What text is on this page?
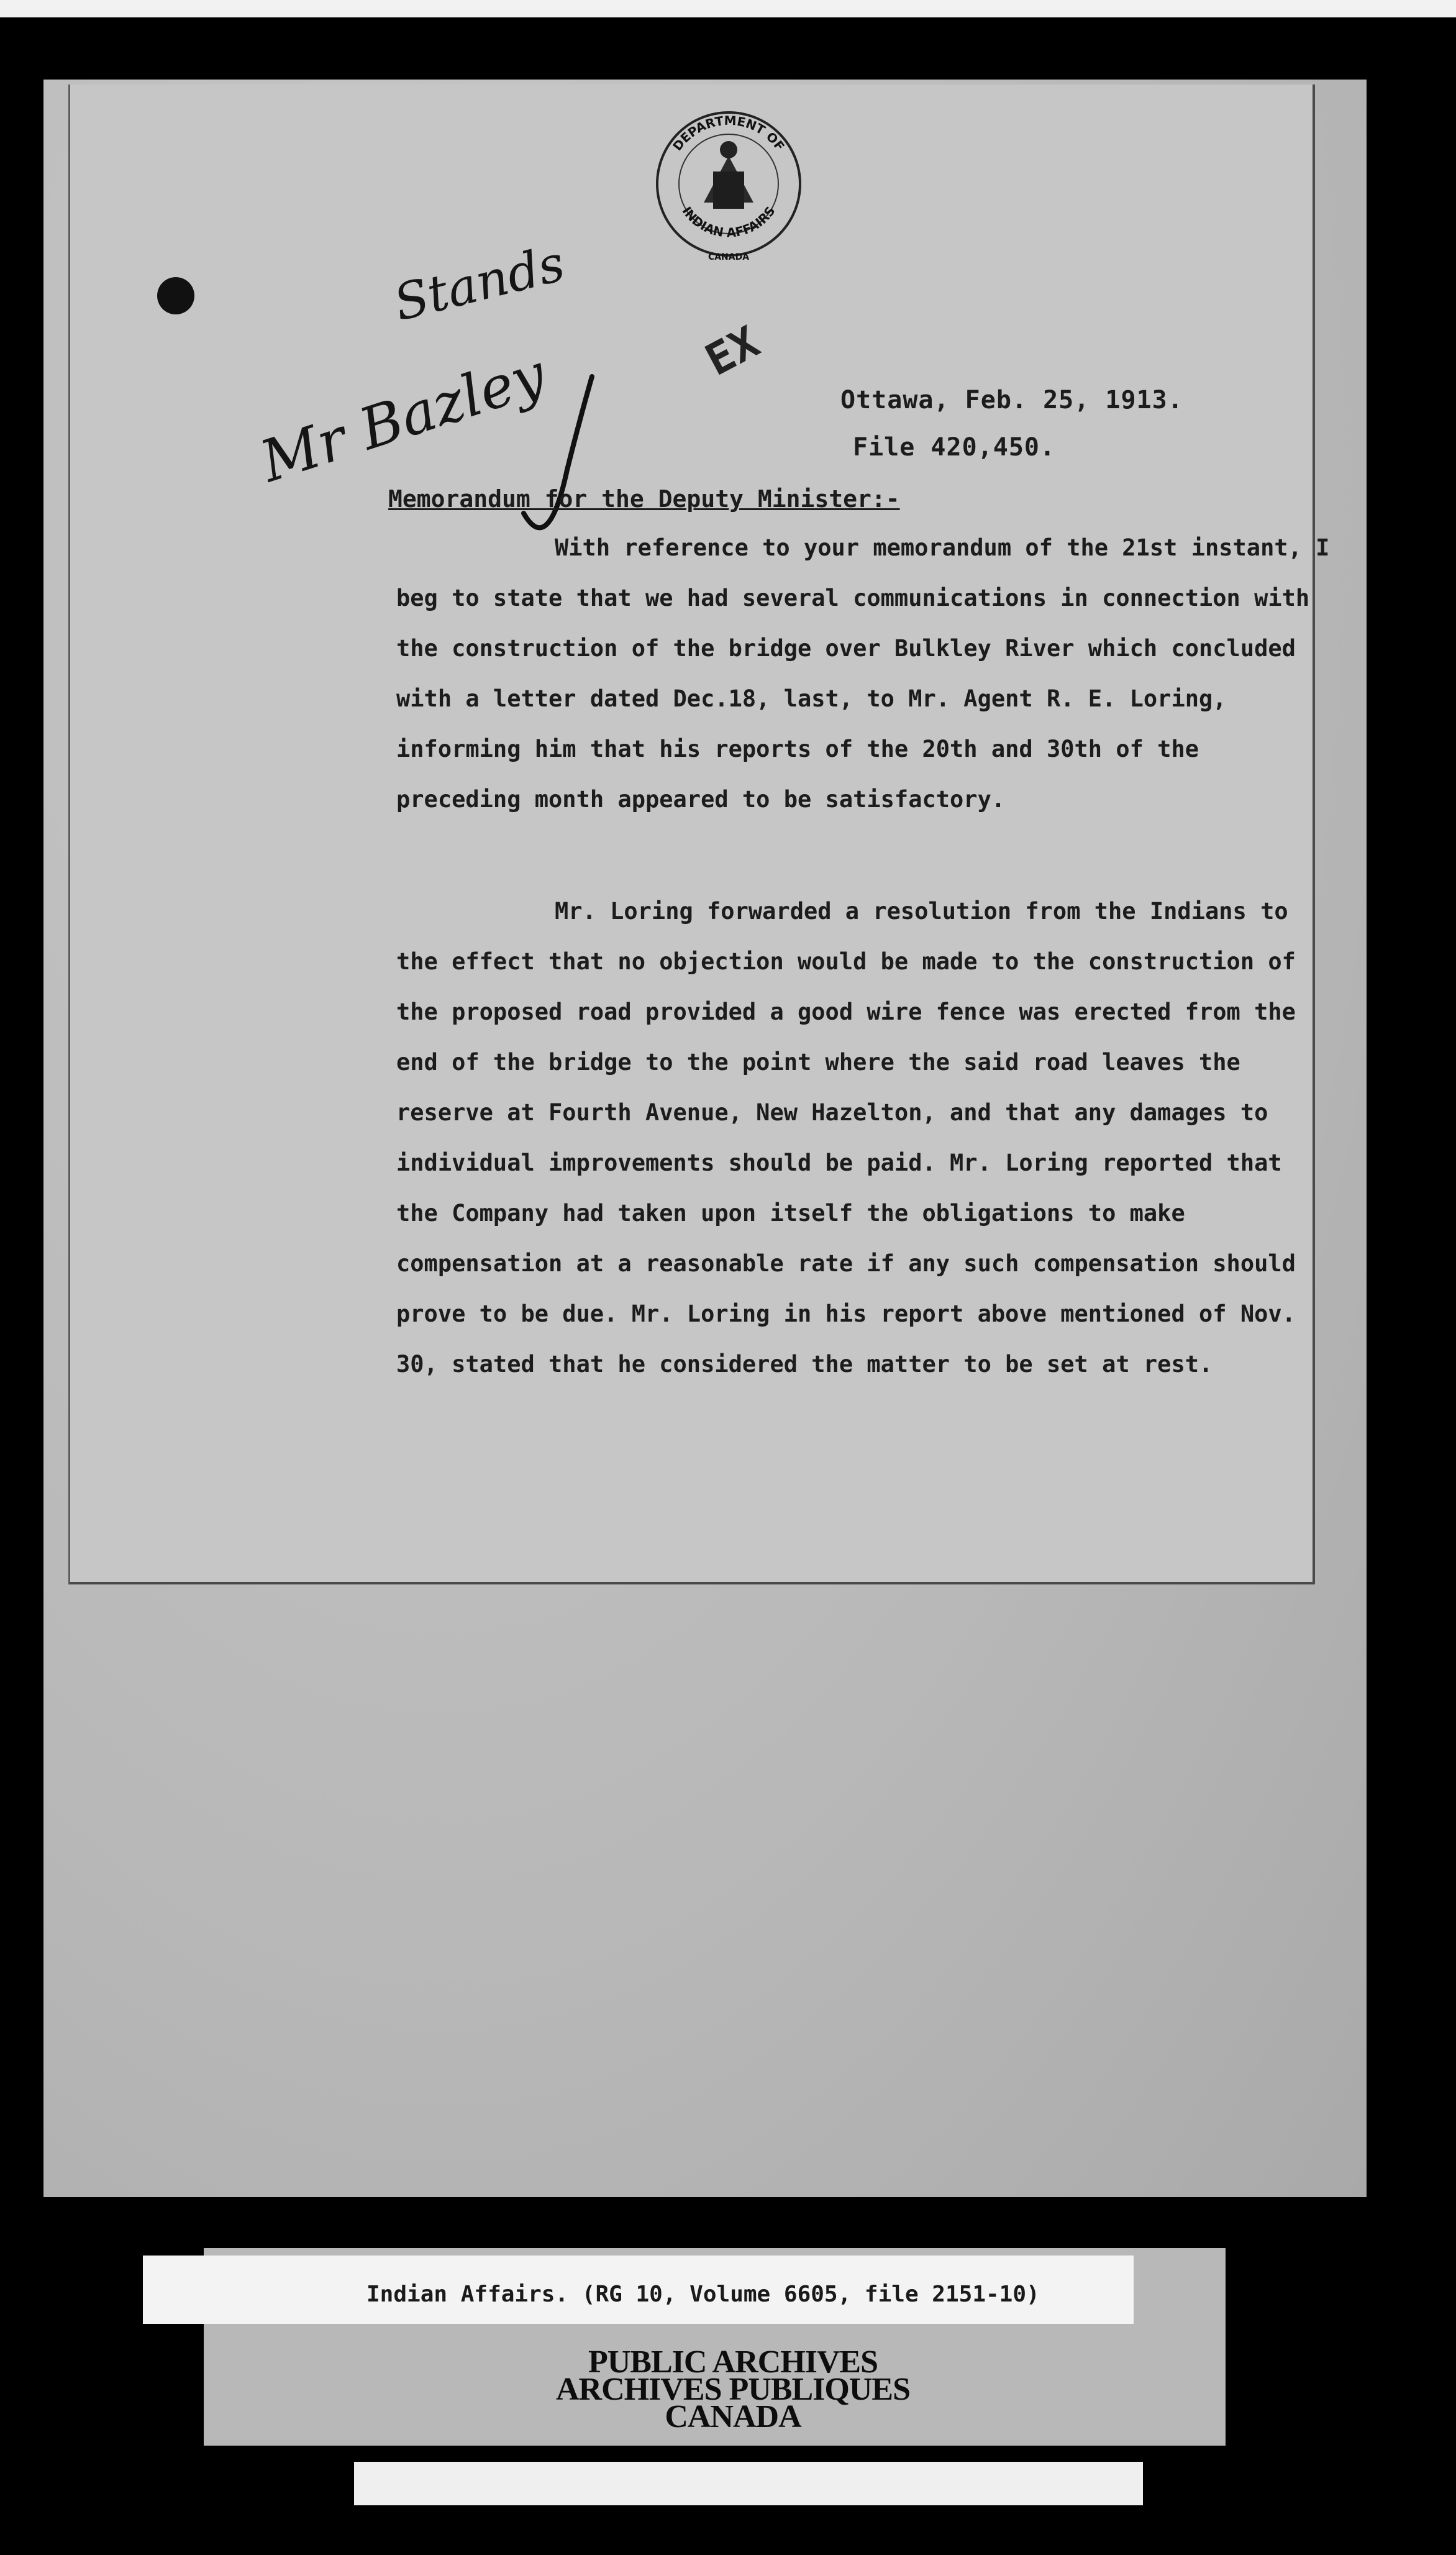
DEPARTMENT OF
INDIAN AFFAIRS
CANADA
Stands
Mr Bazley	EX
Ottawa, Feb. 25, 1913.
File 420,450.
Memorandum for the Deputy Minister:-

With reference to your memorandum of the 21st instant, I beg to state that we had several communications in connection with the construction of the bridge over Bulkley River which concluded with a letter dated Dec.18, last, to Mr. Agent R. E. Loring, informing him that his reports of the 20th and 30th of the preceding month appeared to be satisfactory.

Mr. Loring forwarded a resolution from the Indians to the effect that no objection would be made to the construction of the proposed road provided a good wire fence was erected from the end of the bridge to the point where the said road leaves the reserve at Fourth Avenue, New Hazelton, and that any damages to individual improvements should be paid. Mr. Loring reported that the Company had taken upon itself the obligations to make compensation at a reasonable rate if any such compensation should prove to be due. Mr. Loring in his report above mentioned of Nov. 30, stated that he considered the matter to be set at rest.

Indian Affairs. (RG 10, Volume 6605, file 2151-10)
PUBLIC ARCHIVES
ARCHIVES PUBLIQUES
CANADA
